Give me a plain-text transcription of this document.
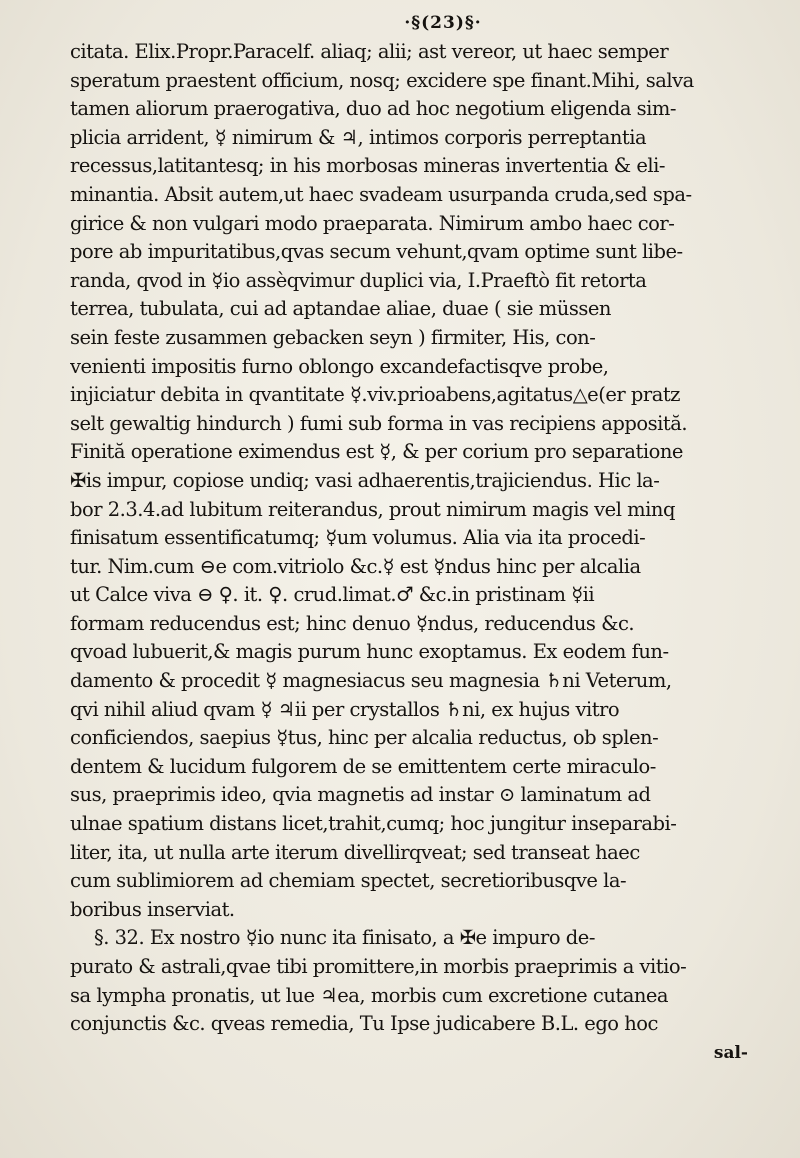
·§(23)§·
citata. Elix.Propr.Paracelf. aliaq; alii; ast vereor, ut haec semper
speratum praestent officium, nosq; excidere spe finant.Mihi, salva
tamen aliorum praerogativa, duo ad hoc negotium eligenda sim-
plicia arrident, ☿ nimirum & ♃, intimos corporis perreptantia
recessus,latitantesq; in his morbosas mineras invertentia & eli-
minantia. Absit autem,ut haec svadeam usurpanda cruda,sed spa-
girice & non vulgari modo praeparata. Nimirum ambo haec cor-
pore ab impuritatibus,qvas secum vehunt,qvam optime sunt libe-
randa, qvod in ☿io assèqvimur duplici via, I.Praeftò fit retorta
terrea, tubulata, cui ad aptandae aliae, duae ( sie müssen
sein feste zusammen gebacken seyn ) firmiter, His, con-
venienti impositis furno oblongo excandefactisqve probe,
injiciatur debita in qvantitate ☿.viv.prioabens,agitatus△e(er pratz
selt gewaltig hindurch ) fumi sub forma in vas recipiens apposită.
Finită operatione eximendus est ☿, & per corium pro separatione
✠is impur, copiose undiq; vasi adhaerentis,trajiciendus. Hic la-
bor 2.3.4.ad lubitum reiterandus, prout nimirum magis vel minq
finisatum essentificatumq; ☿um volumus. Alia via ita procedi-
tur. Nim.cum ⊖e com.vitriolo &c.☿ est ☿ndus hinc per alcalia
ut Calce viva ⊖ ♀. it. ♀. crud.limat.♂ &c.in pristinam ☿ii
formam reducendus est; hinc denuo ☿ndus, reducendus &c.
qvoad lubuerit,& magis purum hunc exoptamus. Ex eodem fun-
damento & procedit ☿ magnesiacus seu magnesia ♄ni Veterum,
qvi nihil aliud qvam ☿ ♃ii per crystallos ♄ni, ex hujus vitro
conficiendos, saepius ☿tus, hinc per alcalia reductus, ob splen-
dentem & lucidum fulgorem de se emittentem certe miraculo-
sus, praeprimis ideo, qvia magnetis ad instar ⊙ laminatum ad
ulnae spatium distans licet,trahit,cumq; hoc jungitur inseparabi-
liter, ita, ut nulla arte iterum divellirqveat; sed transeat haec
cum sublimiorem ad chemiam spectet, secretioribusqve la-
boribus inserviat.
§. 32. Ex nostro ☿io nunc ita finisato, a ✠e impuro de-
purato & astrali,qvae tibi promittere,in morbis praeprimis a vitio-
sa lympha pronatis, ut lue ♃ea, morbis cum excretione cutanea
conjunctis &c. qveas remedia, Tu Ipse judicabere B.L. ego hoc
sal-
